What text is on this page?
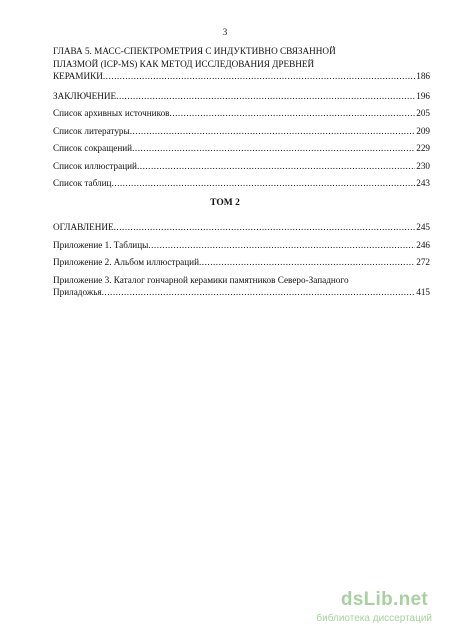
3
ГЛАВА 5. МАСС-СПЕКТРОМЕТРИЯ С ИНДУКТИВНО СВЯЗАННОЙ
ПЛАЗМОЙ (ICP-MS) КАК МЕТОД ИССЛЕДОВАНИЯ ДРЕВНЕЙ
КЕРАМИКИ .....	186
ЗАКЛЮЧЕНИЕ .....	196
Список архивных источников .....	205
Список литературы .....	209
Список сокращений .....	229
Список иллюстраций .....	230
Список таблиц .....	243
ТОМ 2
ОГЛАВЛЕНИЕ .....	245
Приложение 1. Таблицы .....	246
Приложение 2. Альбом иллюстраций .....	272
Приложение 3. Каталог гончарной керамики памятников Северо-Западного
Приладожья .....	415
dsLib.net
библиотека диссертаций
